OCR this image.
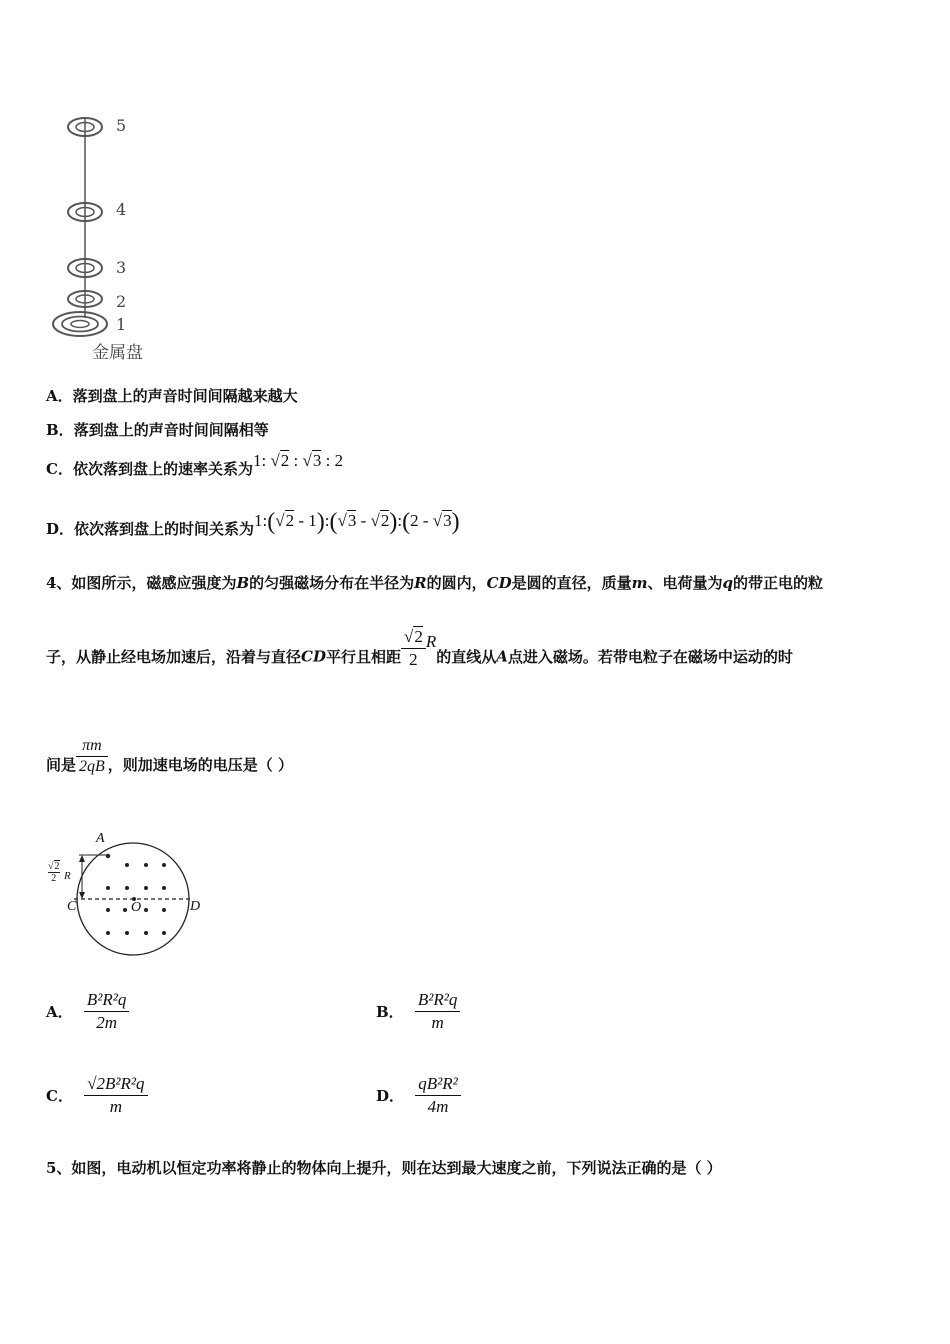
5
4
3
2
1
金属盘
A．落到盘上的声音时间间隔越来越大
B．落到盘上的声音时间间隔相等
C．依次落到盘上的速率关系为1: √2 : √3 : 2
D．依次落到盘上的时间关系为1:(√2 - 1):(√3 - √2):(2 - √3)
4、如图所示，磁感应强度为B的匀强磁场分布在半径为R的圆内，CD是圆的直径，质量m、电荷量为q的带正电的粒
子，从静止经电场加速后，沿着与直径CD平行且相距 $\frac{√2}{2}$ R的直线从A点进入磁场。若带电粒子在磁场中运动的时
间是 $\frac{\pi m}{2qB}$ ，则加速电场的电压是（ ）
A
C	O	D
√2
2 R
A． $\frac{\text{B²R²q}}{2m}$	B． $\frac{\text{B²R²q}}{m}$
C． $\frac{\text{√2B²R²q}}{m}$	D． $\frac{\text{qB²R²}}{4m}$
5、如图，电动机以恒定功率将静止的物体向上提升，则在达到最大速度之前，下列说法正确的是（ ）
